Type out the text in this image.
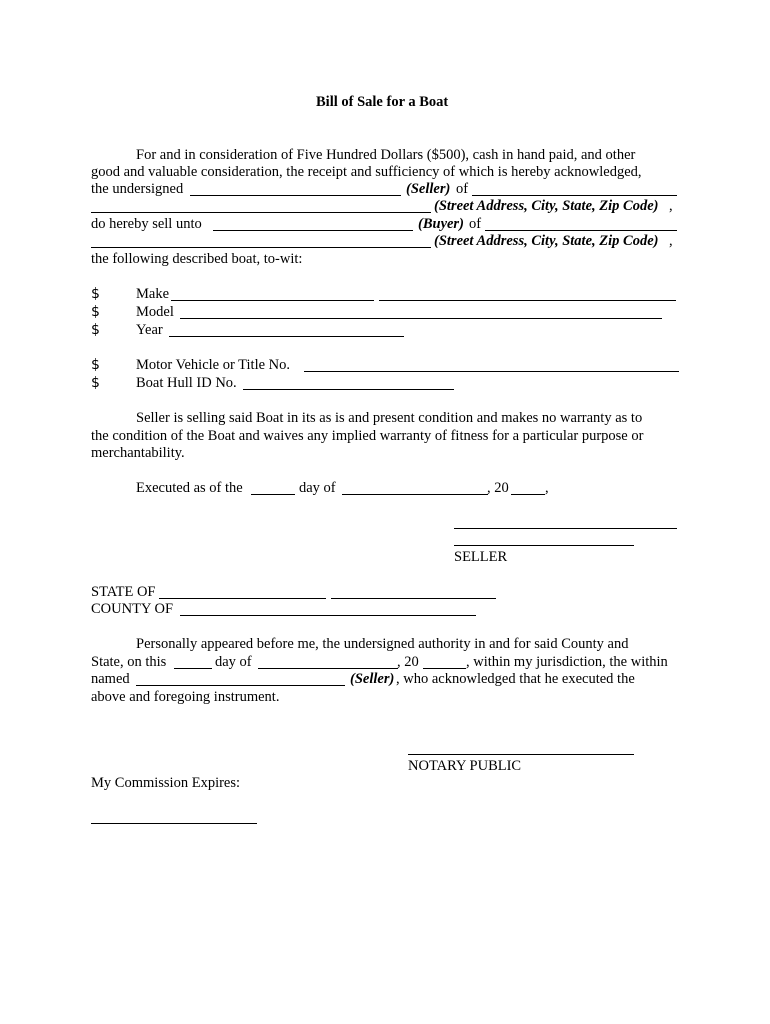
Bill of Sale for a Boat
For and in consideration of Five Hundred Dollars ($500), cash in hand paid, and other
good and valuable consideration, the receipt and sufficiency of which is hereby acknowledged,
the undersigned	(Seller) of
(Street Address, City, State, Zip Code) ,
do hereby sell unto	(Buyer) of
(Street Address, City, State, Zip Code) ,
the following described boat, to-wit:
$ Make
$ Model
$ Year
$ Motor Vehicle or Title No.
$ Boat Hull ID No.
Seller is selling said Boat in its as is and present condition and makes no warranty as to
the condition of the Boat and waives any implied warranty of fitness for a particular purpose or
merchantability.
Executed as of the	day of	, 20	,
SELLER
STATE OF
COUNTY OF
Personally appeared before me, the undersigned authority in and for said County and
State, on this	day of	, 20	, within my jurisdiction, the within
named	(Seller) , who acknowledged that he executed the
above and foregoing instrument.
NOTARY PUBLIC
My Commission Expires:
